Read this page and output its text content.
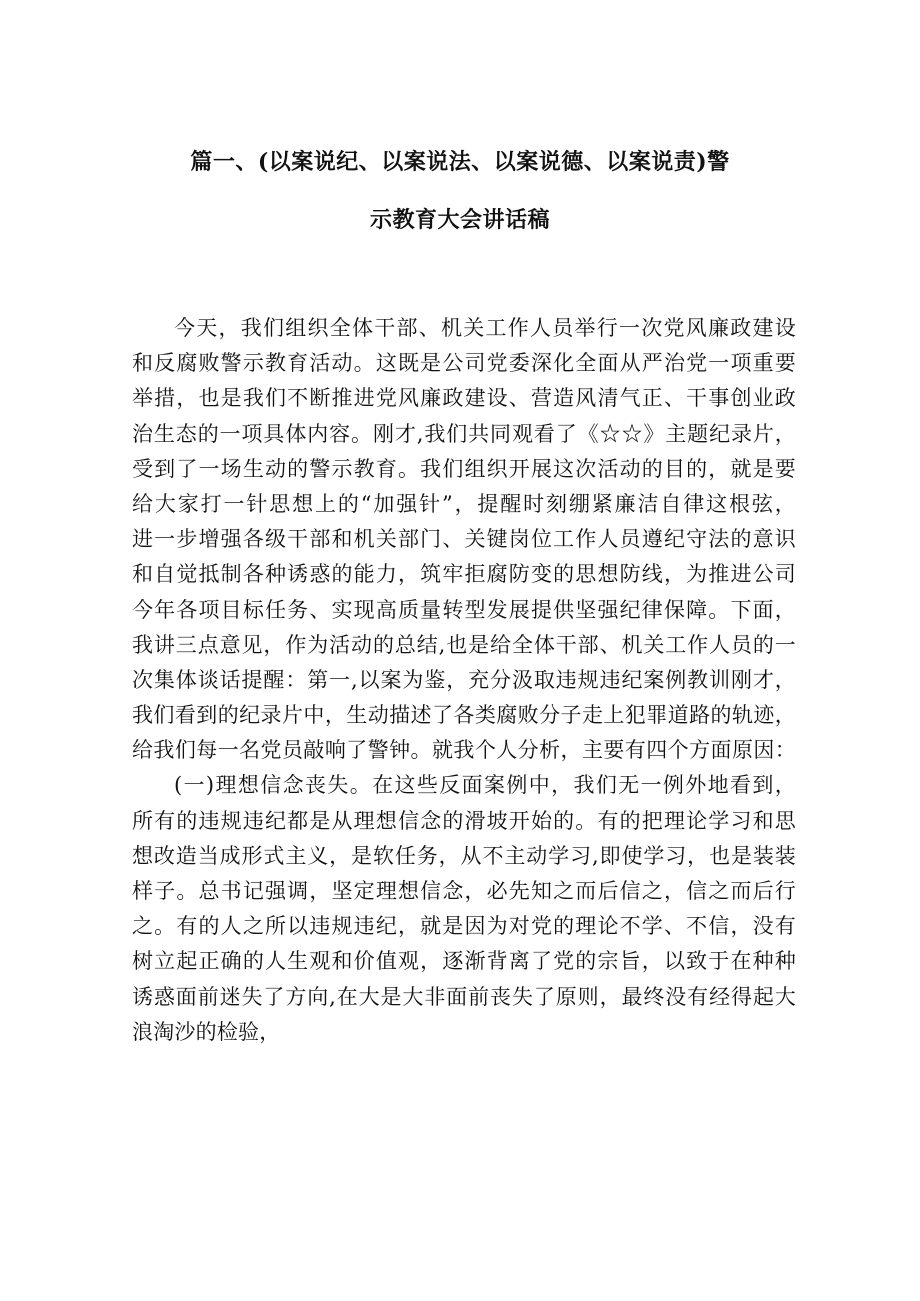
篇一、(以案说纪、以案说法、以案说德、以案说责)警
示教育大会讲话稿
今天，我们组织全体干部、机关工作人员举行一次党风廉政建设
和反腐败警示教育活动。这既是公司党委深化全面从严治党一项重要
举措，也是我们不断推进党风廉政建设、营造风清气正、干事创业政
治生态的一项具体内容。刚才,我们共同观看了《☆☆》主题纪录片，
受到了一场生动的警示教育。我们组织开展这次活动的目的，就是要
给大家打一针思想上的“加强针”，提醒时刻绷紧廉洁自律这根弦，
进一步增强各级干部和机关部门、关键岗位工作人员遵纪守法的意识
和自觉抵制各种诱惑的能力，筑牢拒腐防变的思想防线，为推进公司
今年各项目标任务、实现高质量转型发展提供坚强纪律保障。下面，
我讲三点意见，作为活动的总结,也是给全体干部、机关工作人员的一
次集体谈话提醒：第一,以案为鉴，充分汲取违规违纪案例教训刚才，
我们看到的纪录片中，生动描述了各类腐败分子走上犯罪道路的轨迹，
给我们每一名党员敲响了警钟。就我个人分析，主要有四个方面原因：
(一)理想信念丧失。在这些反面案例中，我们无一例外地看到，
所有的违规违纪都是从理想信念的滑坡开始的。有的把理论学习和思
想改造当成形式主义，是软任务，从不主动学习,即使学习，也是装装
样子。总书记强调，坚定理想信念，必先知之而后信之，信之而后行
之。有的人之所以违规违纪，就是因为对党的理论不学、不信，没有
树立起正确的人生观和价值观，逐渐背离了党的宗旨，以致于在种种
诱惑面前迷失了方向,在大是大非面前丧失了原则，最终没有经得起大
浪淘沙的检验，
